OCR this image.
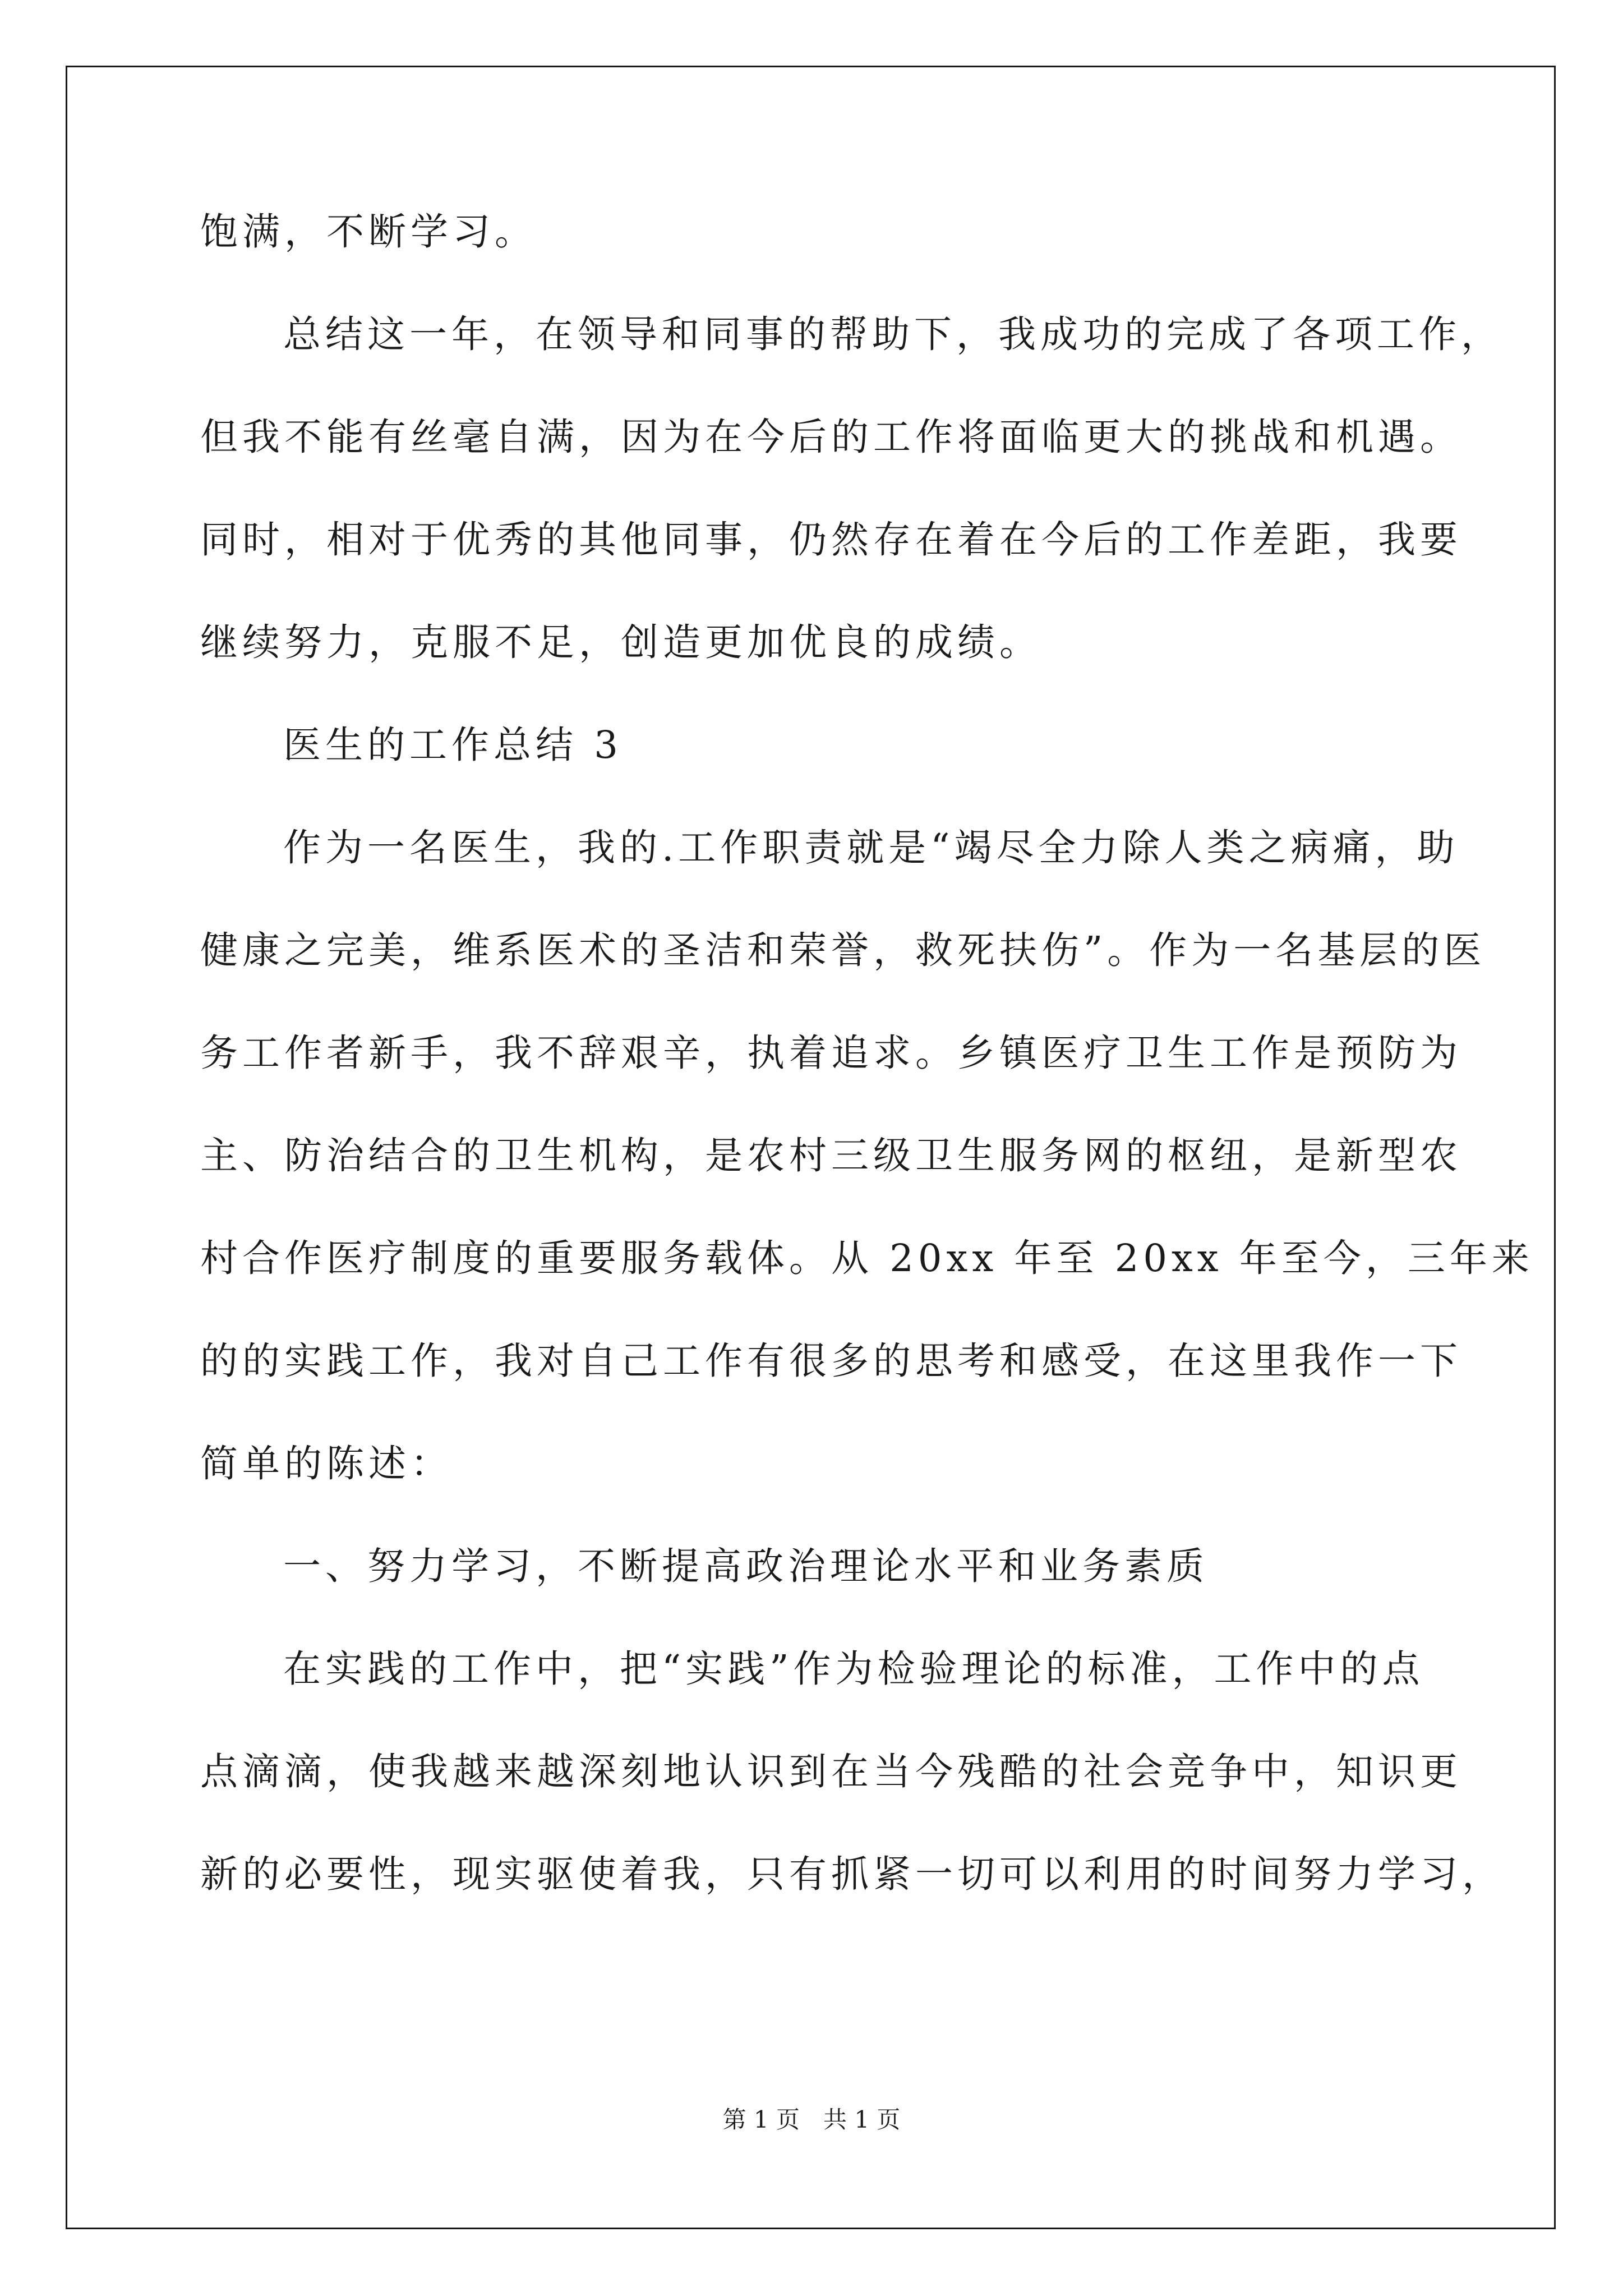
饱满，不断学习。
总结这一年，在领导和同事的帮助下，我成功的完成了各项工作，
但我不能有丝毫自满，因为在今后的工作将面临更大的挑战和机遇。
同时，相对于优秀的其他同事，仍然存在着在今后的工作差距，我要
继续努力，克服不足，创造更加优良的成绩。
医生的工作总结 3
作为一名医生，我的.工作职责就是“竭尽全力除人类之病痛，助
健康之完美，维系医术的圣洁和荣誉，救死扶伤”。作为一名基层的医
务工作者新手，我不辞艰辛，执着追求。乡镇医疗卫生工作是预防为
主、防治结合的卫生机构，是农村三级卫生服务网的枢纽，是新型农
村合作医疗制度的重要服务载体。从 20xx 年至 20xx 年至今，三年来
的的实践工作，我对自己工作有很多的思考和感受，在这里我作一下
简单的陈述：
一、努力学习，不断提高政治理论水平和业务素质
在实践的工作中，把“实践”作为检验理论的标准，工作中的点
点滴滴，使我越来越深刻地认识到在当今残酷的社会竞争中，知识更
新的必要性，现实驱使着我，只有抓紧一切可以利用的时间努力学习，
第 1 页 共 1 页
